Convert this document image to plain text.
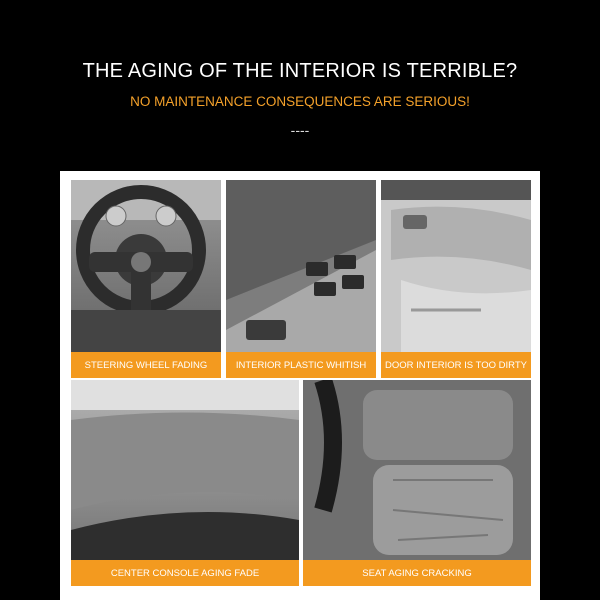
THE AGING OF THE INTERIOR IS TERRIBLE?
NO MAINTENANCE CONSEQUENCES ARE SERIOUS!
----
STEERING WHEEL FADING	INTERIOR PLASTIC WHITISH	DOOR INTERIOR IS TOO DIRTY
CENTER CONSOLE AGING FADE	SEAT AGING CRACKING
